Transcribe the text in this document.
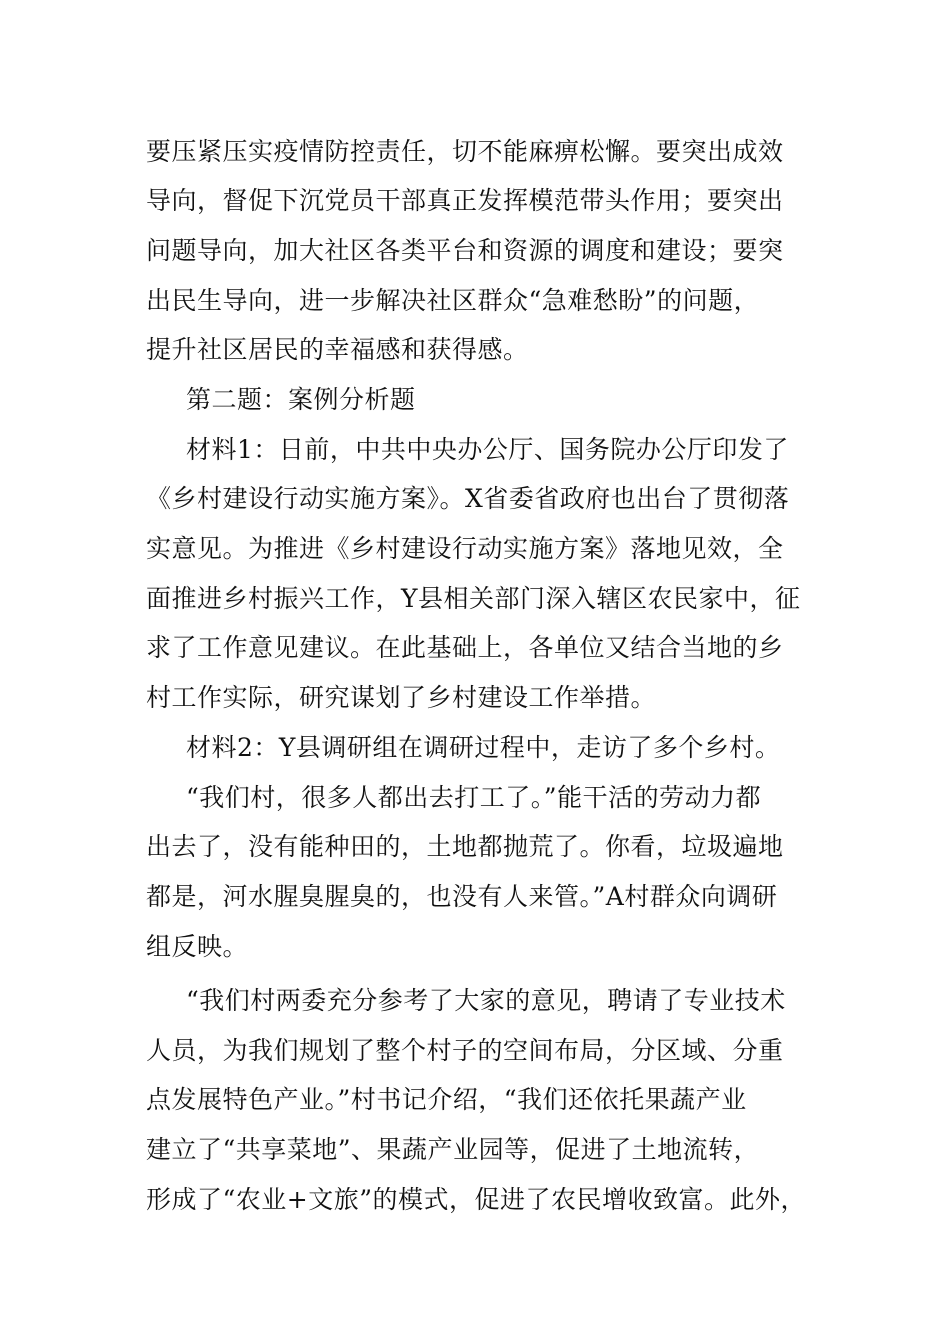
要压紧压实疫情防控责任，切不能麻痹松懈。要突出成效
导向，督促下沉党员干部真正发挥模范带头作用；要突出
问题导向，加大社区各类平台和资源的调度和建设；要突
出民生导向，进一步解决社区群众“急难愁盼”的问题，
提升社区居民的幸福感和获得感。
第二题：案例分析题
材料1：日前，中共中央办公厅、国务院办公厅印发了
《乡村建设行动实施方案》。X省委省政府也出台了贯彻落
实意见。为推进《乡村建设行动实施方案》落地见效，全
面推进乡村振兴工作，Y县相关部门深入辖区农民家中，征
求了工作意见建议。在此基础上，各单位又结合当地的乡
村工作实际，研究谋划了乡村建设工作举措。
材料2：Y县调研组在调研过程中，走访了多个乡村。
“我们村，很多人都出去打工了。”能干活的劳动力都
出去了，没有能种田的，土地都抛荒了。你看，垃圾遍地
都是，河水腥臭腥臭的，也没有人来管。”A村群众向调研
组反映。
“我们村两委充分参考了大家的意见，聘请了专业技术
人员，为我们规划了整个村子的空间布局，分区域、分重
点发展特色产业。”村书记介绍，“我们还依托果蔬产业
建立了“共享菜地”、果蔬产业园等，促进了土地流转，
形成了“农业+文旅”的模式，促进了农民增收致富。此外，
